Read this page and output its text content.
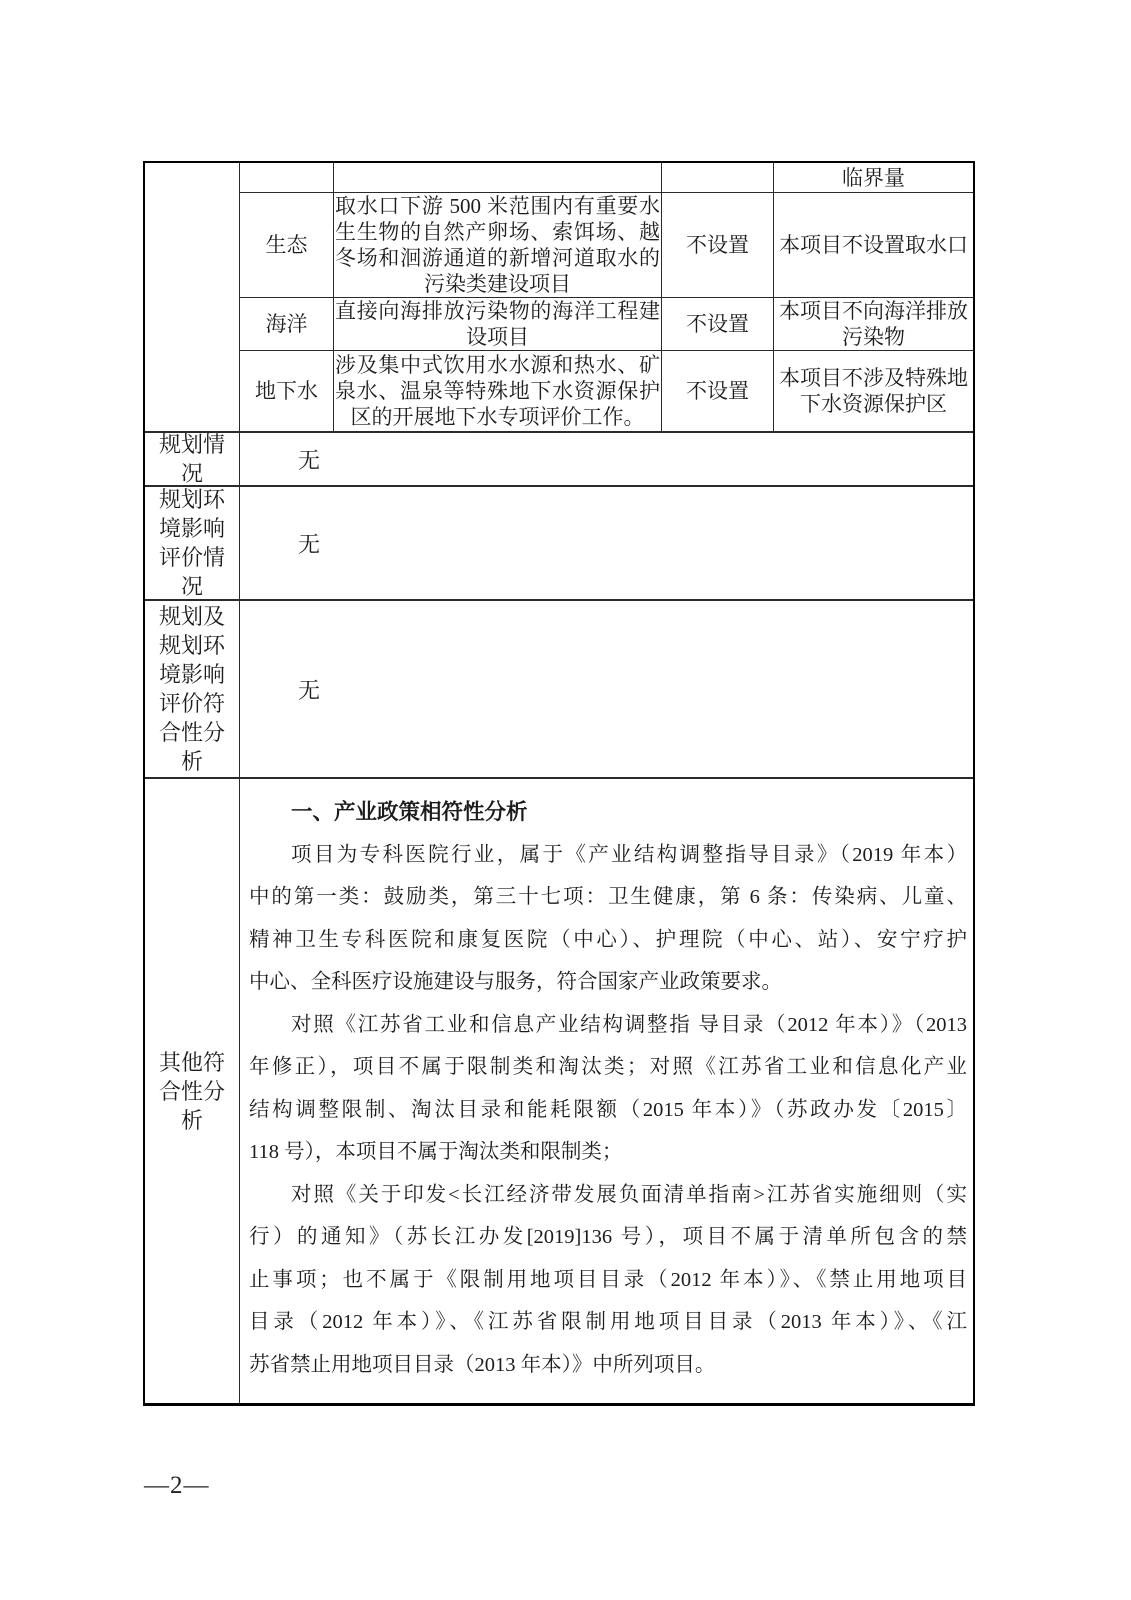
临界量
生态
取水口下游 500 米范围内有重要水生生物的自然产卵场、索饵场、越冬场和洄游通道的新增河道取水的污染类建设项目
不设置	本项目不设置取水口
海洋
直接向海排放污染物的海洋工程建设项目
不设置
本项目不向海洋排放污染物
地下水
涉及集中式饮用水水源和热水、矿泉水、温泉等特殊地下水资源保护区的开展地下水专项评价工作。
不设置
本项目不涉及特殊地下水资源保护区
规划情况
无
规划环境影响评价情况
无
规划及规划环境影响评价符合性分析
无
其他符合性分析
一、产业政策相符性分析
项目为专科医院行业，属于《产业结构调整指导目录》（2019 年本）
中的第一类：鼓励类，第三十七项：卫生健康，第 6 条：传染病、儿童、
精神卫生专科医院和康复医院（中心）、护理院（中心、站）、安宁疗护
中心、全科医疗设施建设与服务，符合国家产业政策要求。
对照《江苏省工业和信息产业结构调整指 导目录（2012 年本）》（2013
年修正），项目不属于限制类和淘汰类；对照《江苏省工业和信息化产业
结构调整限制、淘汰目录和能耗限额（2015 年本）》（苏政办发〔2015〕
118 号），本项目不属于淘汰类和限制类；
对照《关于印发<长江经济带发展负面清单指南>江苏省实施细则（实
行）的通知》（苏长江办发[2019]136 号），项目不属于清单所包含的禁
止事项；也不属于《限制用地项目目录（2012 年本）》、《禁止用地项目
目录（2012 年本）》、《江苏省限制用地项目目录（2013 年本）》、《江
苏省禁止用地项目目录（2013 年本）》中所列项目。
—2—
